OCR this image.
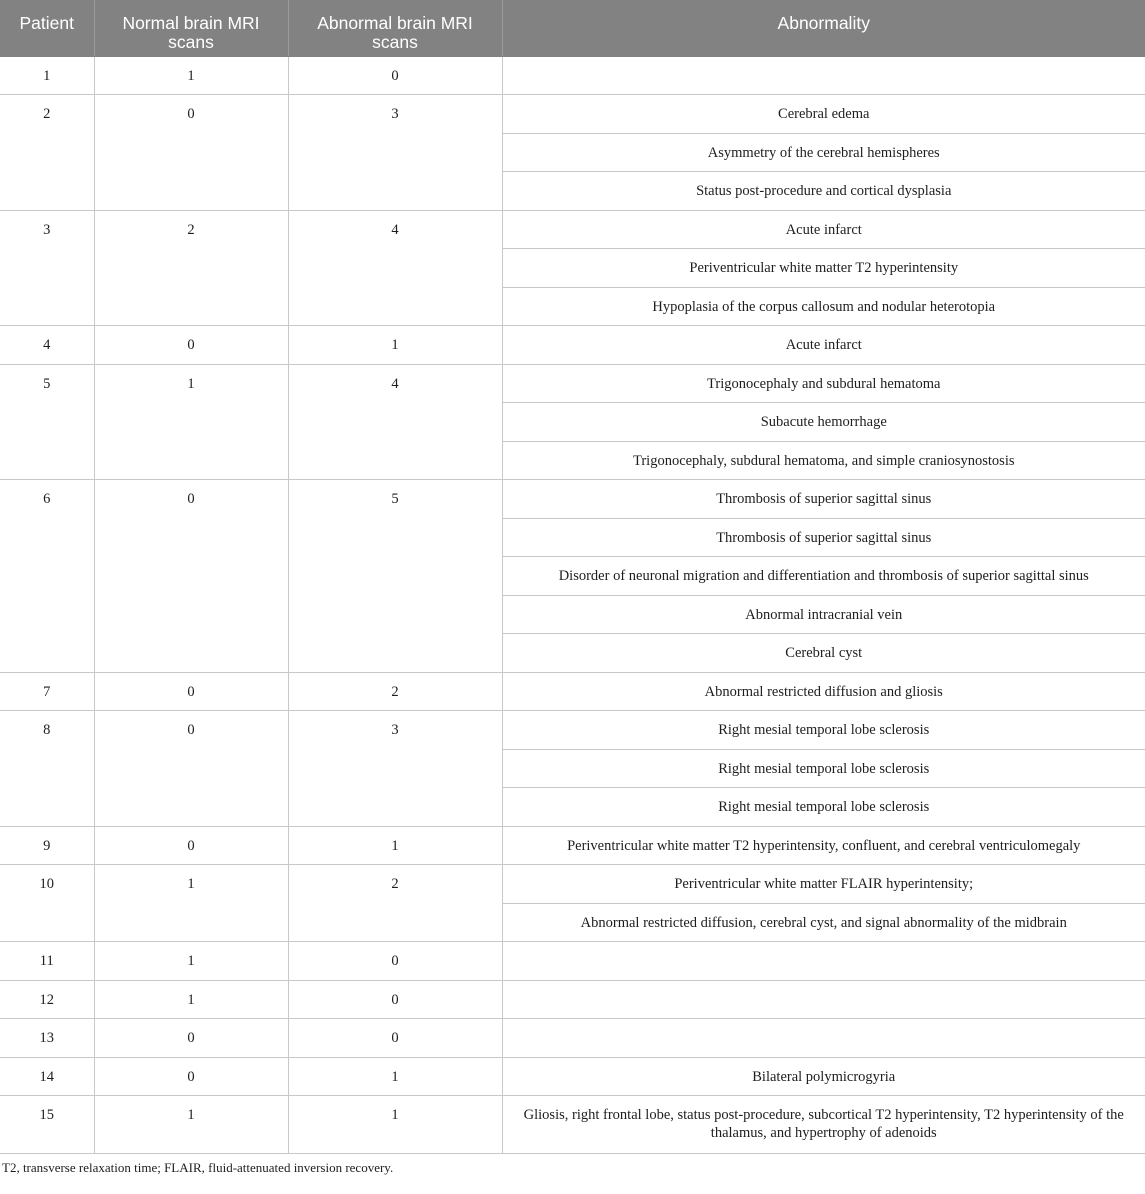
Patient	Normal brain MRI scans	Abnormal brain MRI scans	Abnormality
1	1	0	
2	0	3	Cerebral edema
			Asymmetry of the cerebral hemispheres
			Status post-procedure and cortical dysplasia
3	2	4	Acute infarct
			Periventricular white matter T2 hyperintensity
			Hypoplasia of the corpus callosum and nodular heterotopia
4	0	1	Acute infarct
5	1	4	Trigonocephaly and subdural hematoma
			Subacute hemorrhage
			Trigonocephaly, subdural hematoma, and simple craniosynostosis
6	0	5	Thrombosis of superior sagittal sinus
			Thrombosis of superior sagittal sinus
			Disorder of neuronal migration and differentiation and thrombosis of superior sagittal sinus
			Abnormal intracranial vein
			Cerebral cyst
7	0	2	Abnormal restricted diffusion and gliosis
8	0	3	Right mesial temporal lobe sclerosis
			Right mesial temporal lobe sclerosis
			Right mesial temporal lobe sclerosis
9	0	1	Periventricular white matter T2 hyperintensity, confluent, and cerebral ventriculomegaly
10	1	2	Periventricular white matter FLAIR hyperintensity;
			Abnormal restricted diffusion, cerebral cyst, and signal abnormality of the midbrain
11	1	0	
12	1	0	
13	0	0	
14	0	1	Bilateral polymicrogyria
15	1	1	Gliosis, right frontal lobe, status post-procedure, subcortical T2 hyperintensity, T2 hyperintensity of the thalamus, and hypertrophy of adenoids

T2, transverse relaxation time; FLAIR, fluid-attenuated inversion recovery.
